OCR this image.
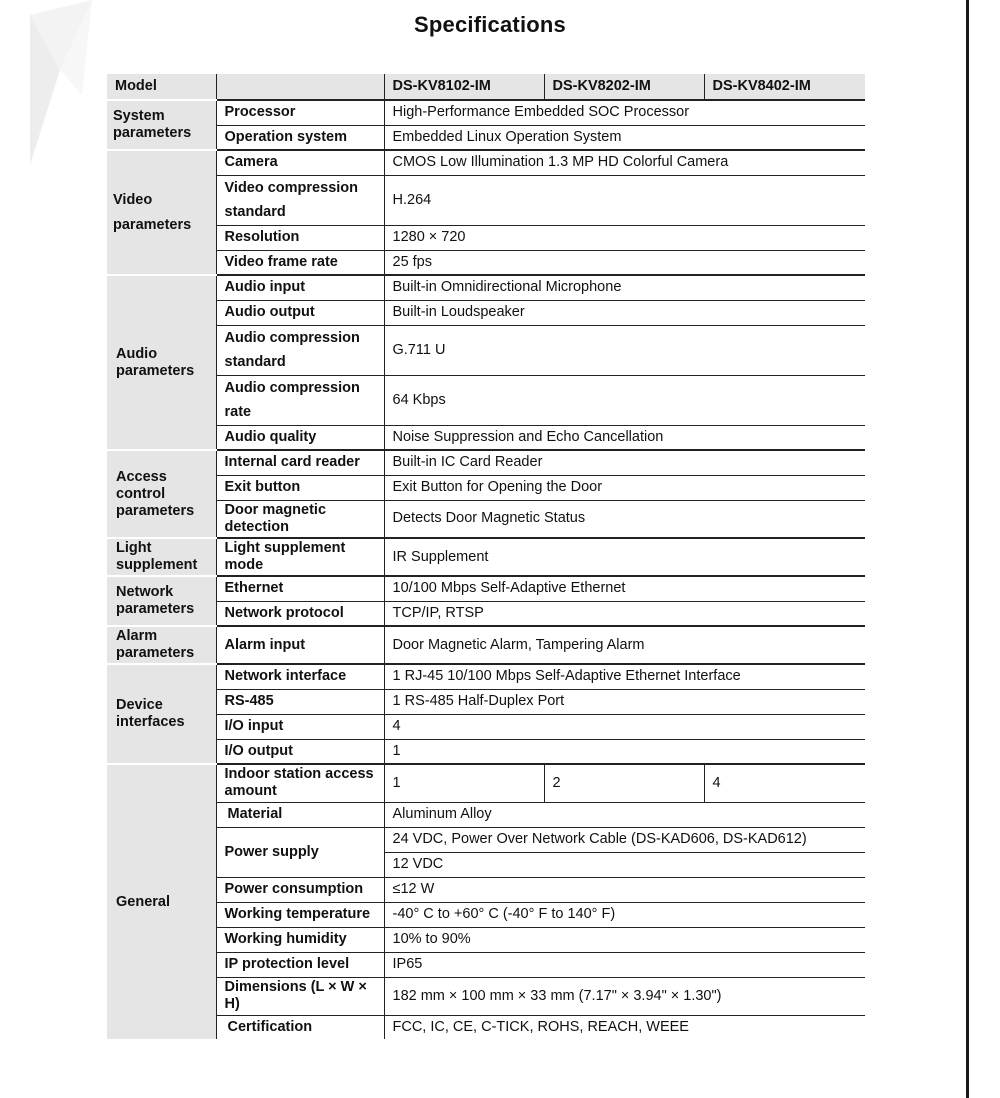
Specifications
Model		DS-KV8102-IM	DS-KV8202-IM	DS-KV8402-IM
System parameters	Processor	High-Performance Embedded SOC Processor		
	Operation system	Embedded Linux Operation System		
Video parameters	Camera	CMOS Low Illumination 1.3 MP HD Colorful Camera		
	Video compression standard	H.264		
	Resolution	1280 × 720		
	Video frame rate	25 fps		
Audio parameters	Audio input	Built-in Omnidirectional Microphone		
	Audio output	Built-in Loudspeaker		
	Audio compression standard	G.711 U		
	Audio compression rate	64 Kbps		
	Audio quality	Noise Suppression and Echo Cancellation		
Access control parameters	Internal card reader	Built-in IC Card Reader		
	Exit button	Exit Button for Opening the Door		
	Door magnetic detection	Detects Door Magnetic Status		
Light supplement	Light supplement mode	IR Supplement		
Network parameters	Ethernet	10/100 Mbps Self-Adaptive Ethernet		
	Network protocol	TCP/IP, RTSP		
Alarm parameters	Alarm input	Door Magnetic Alarm, Tampering Alarm		
Device interfaces	Network interface	1 RJ-45 10/100 Mbps Self-Adaptive Ethernet Interface		
	RS-485	1 RS-485 Half-Duplex Port		
	I/O input	4		
	I/O output	1		
General	Indoor station access amount	1	2	4
	Material	Aluminum Alloy		
	Power supply	24 VDC, Power Over Network Cable (DS-KAD606, DS-KAD612)		
		12 VDC		
	Power consumption	≤12 W		
	Working temperature	-40° C to +60° C (-40° F to 140° F)		
	Working humidity	10% to 90%		
	IP protection level	IP65		
	Dimensions (L × W × H)	182 mm × 100 mm × 33 mm (7.17" × 3.94" × 1.30")		
	Certification	FCC, IC, CE, C-TICK, ROHS, REACH, WEEE		
